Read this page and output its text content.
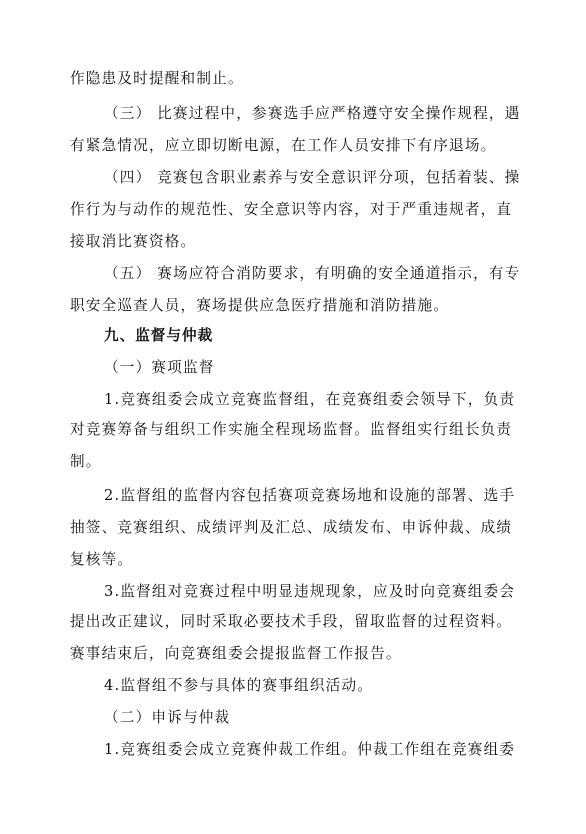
作隐患及时提醒和制止。
（三） 比赛过程中，参赛选手应严格遵守安全操作规程，遇
有紧急情况，应立即切断电源，在工作人员安排下有序退场。
（四） 竞赛包含职业素养与安全意识评分项，包括着装、操
作行为与动作的规范性、安全意识等内容，对于严重违规者，直
接取消比赛资格。
（五） 赛场应符合消防要求，有明确的安全通道指示，有专
职安全巡查人员，赛场提供应急医疗措施和消防措施。
九、监督与仲裁
（一）赛项监督
1.竞赛组委会成立竞赛监督组，在竞赛组委会领导下，负责
对竞赛筹备与组织工作实施全程现场监督。监督组实行组长负责
制。
2.监督组的监督内容包括赛项竞赛场地和设施的部署、选手
抽签、竞赛组织、成绩评判及汇总、成绩发布、申诉仲裁、成绩
复核等。
3.监督组对竞赛过程中明显违规现象，应及时向竞赛组委会
提出改正建议，同时采取必要技术手段，留取监督的过程资料。
赛事结束后，向竞赛组委会提报监督工作报告。
4.监督组不参与具体的赛事组织活动。
（二）申诉与仲裁
1.竞赛组委会成立竞赛仲裁工作组。仲裁工作组在竞赛组委
